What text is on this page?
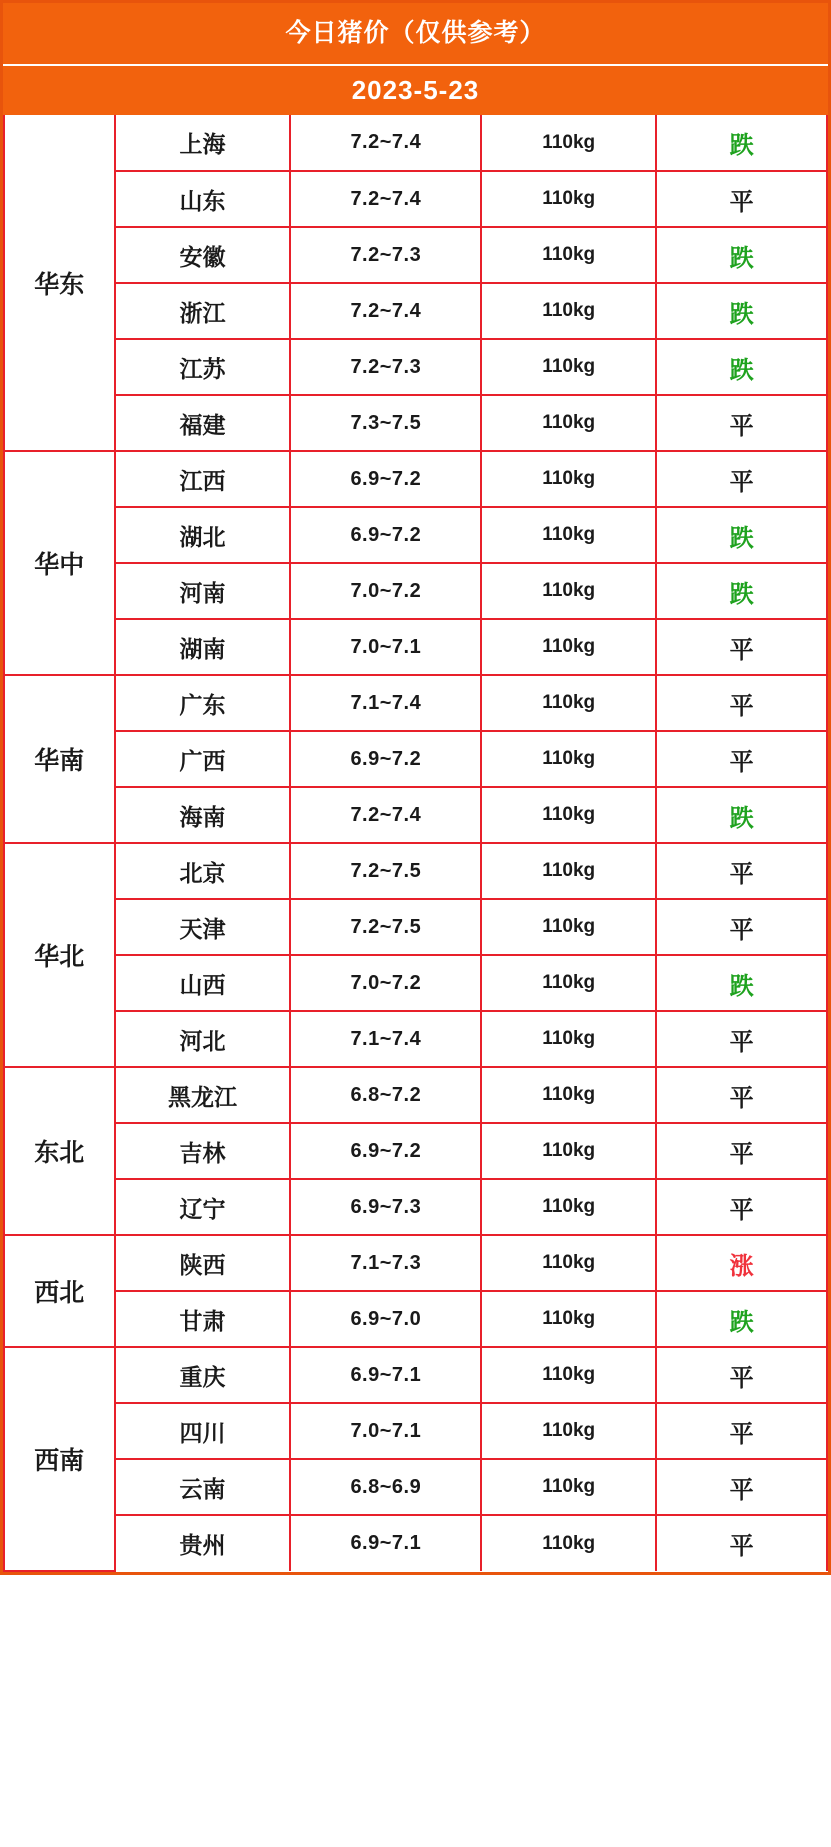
今日猪价（仅供参考）
2023-5-23
华东	上海	7.2~7.4	110kg	跌
	山东	7.2~7.4	110kg	平
	安徽	7.2~7.3	110kg	跌
	浙江	7.2~7.4	110kg	跌
	江苏	7.2~7.3	110kg	跌
	福建	7.3~7.5	110kg	平
华中	江西	6.9~7.2	110kg	平
	湖北	6.9~7.2	110kg	跌
	河南	7.0~7.2	110kg	跌
	湖南	7.0~7.1	110kg	平
华南	广东	7.1~7.4	110kg	平
	广西	6.9~7.2	110kg	平
	海南	7.2~7.4	110kg	跌
华北	北京	7.2~7.5	110kg	平
	天津	7.2~7.5	110kg	平
	山西	7.0~7.2	110kg	跌
	河北	7.1~7.4	110kg	平
东北	黑龙江	6.8~7.2	110kg	平
	吉林	6.9~7.2	110kg	平
	辽宁	6.9~7.3	110kg	平
西北	陕西	7.1~7.3	110kg	涨
	甘肃	6.9~7.0	110kg	跌
西南	重庆	6.9~7.1	110kg	平
	四川	7.0~7.1	110kg	平
	云南	6.8~6.9	110kg	平
	贵州	6.9~7.1	110kg	平
